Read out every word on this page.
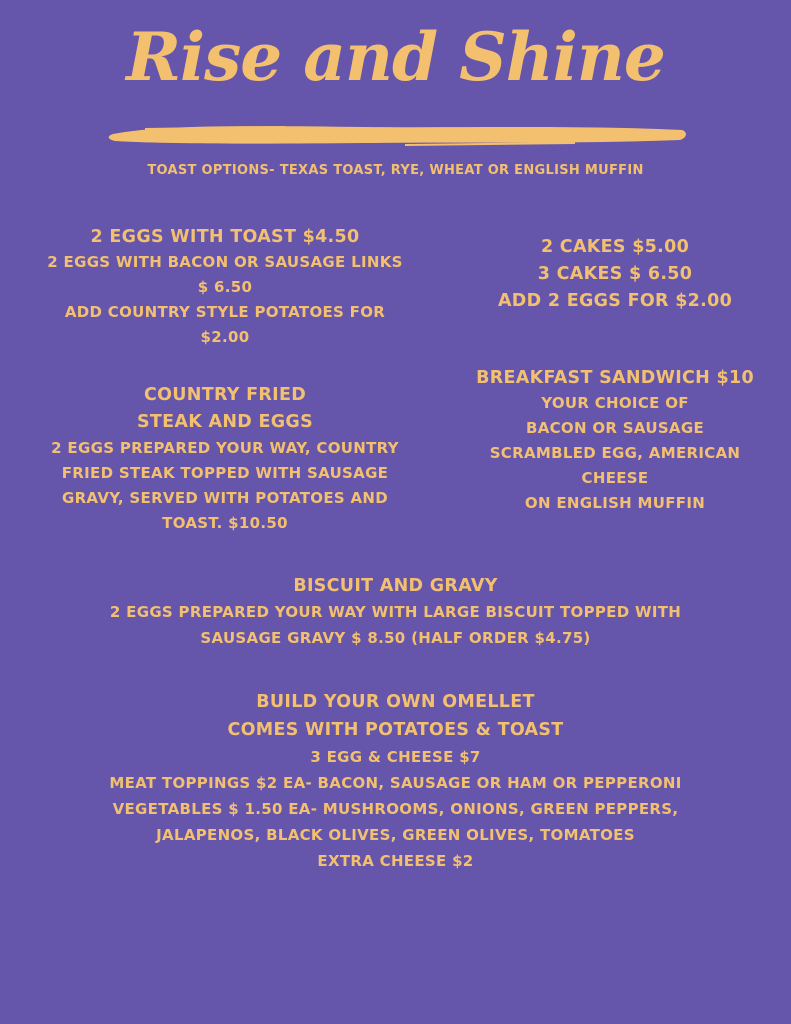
Rise and Shine
TOAST OPTIONS- TEXAS TOAST, RYE, WHEAT OR ENGLISH MUFFIN
2 EGGS WITH TOAST $4.50
2 EGGS WITH BACON OR SAUSAGE LINKS
$ 6.50
ADD COUNTRY STYLE POTATOES FOR
$2.00
2 CAKES $5.00
3 CAKES $ 6.50
ADD 2 EGGS FOR $2.00
COUNTRY FRIED
STEAK AND EGGS
2 EGGS PREPARED YOUR WAY, COUNTRY
FRIED STEAK TOPPED WITH SAUSAGE
GRAVY, SERVED WITH POTATOES AND
TOAST. $10.50
BREAKFAST SANDWICH $10
YOUR CHOICE OF
BACON OR SAUSAGE
SCRAMBLED EGG, AMERICAN
CHEESE
ON ENGLISH MUFFIN
BISCUIT AND GRAVY
2 EGGS PREPARED YOUR WAY WITH LARGE BISCUIT TOPPED WITH
SAUSAGE GRAVY $ 8.50 (HALF ORDER $4.75)
BUILD YOUR OWN OMELLET
COMES WITH POTATOES & TOAST
3 EGG & CHEESE $7
MEAT TOPPINGS $2 EA- BACON, SAUSAGE OR HAM OR PEPPERONI
VEGETABLES $ 1.50 EA- MUSHROOMS, ONIONS, GREEN PEPPERS,
JALAPENOS, BLACK OLIVES, GREEN OLIVES, TOMATOES
EXTRA CHEESE $2
